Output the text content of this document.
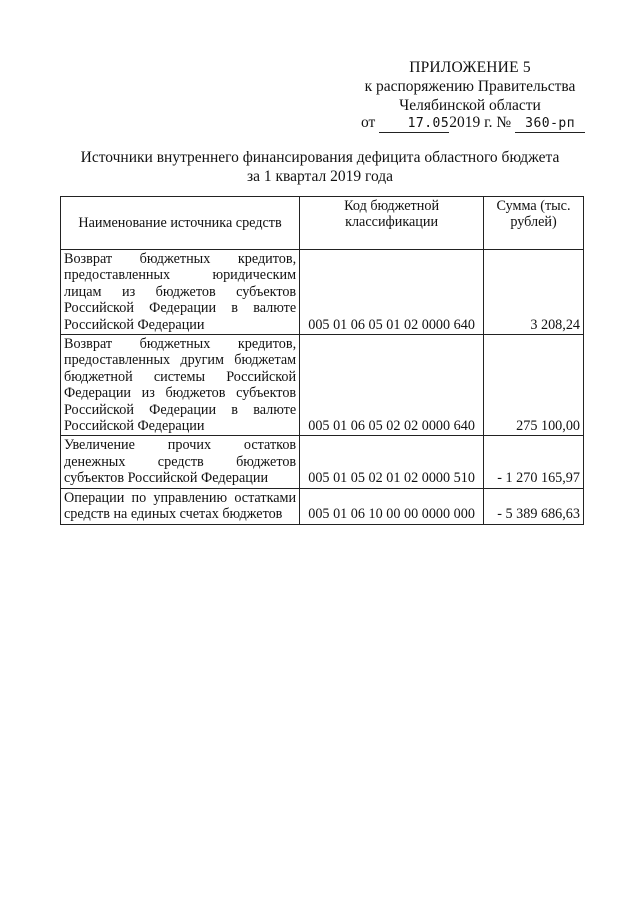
ПРИЛОЖЕНИЕ 5
к распоряжению Правительства
Челябинской области
от 17.052019 г. № 360-рп
Источники внутреннего финансирования дефицита областного бюджета
за 1 квартал 2019 года
Наименование источника средств	Код бюджетной классификации	Сумма (тыс. рублей)
Возврат бюджетных кредитов, предоставленных юридическим лицам из бюджетов субъектов Российской Федерации в валюте Российской Федерации	005 01 06 05 01 02 0000 640	3 208,24
Возврат бюджетных кредитов, предоставленных другим бюджетам бюджетной системы Российской Федерации из бюджетов субъектов Российской Федерации в валюте Российской Федерации	005 01 06 05 02 02 0000 640	275 100,00
Увеличение прочих остатков денежных средств бюджетов субъектов Российской Федерации	005 01 05 02 01 02 0000 510	- 1 270 165,97
Операции по управлению остатками средств на единых счетах бюджетов	005 01 06 10 00 00 0000 000	- 5 389 686,63
